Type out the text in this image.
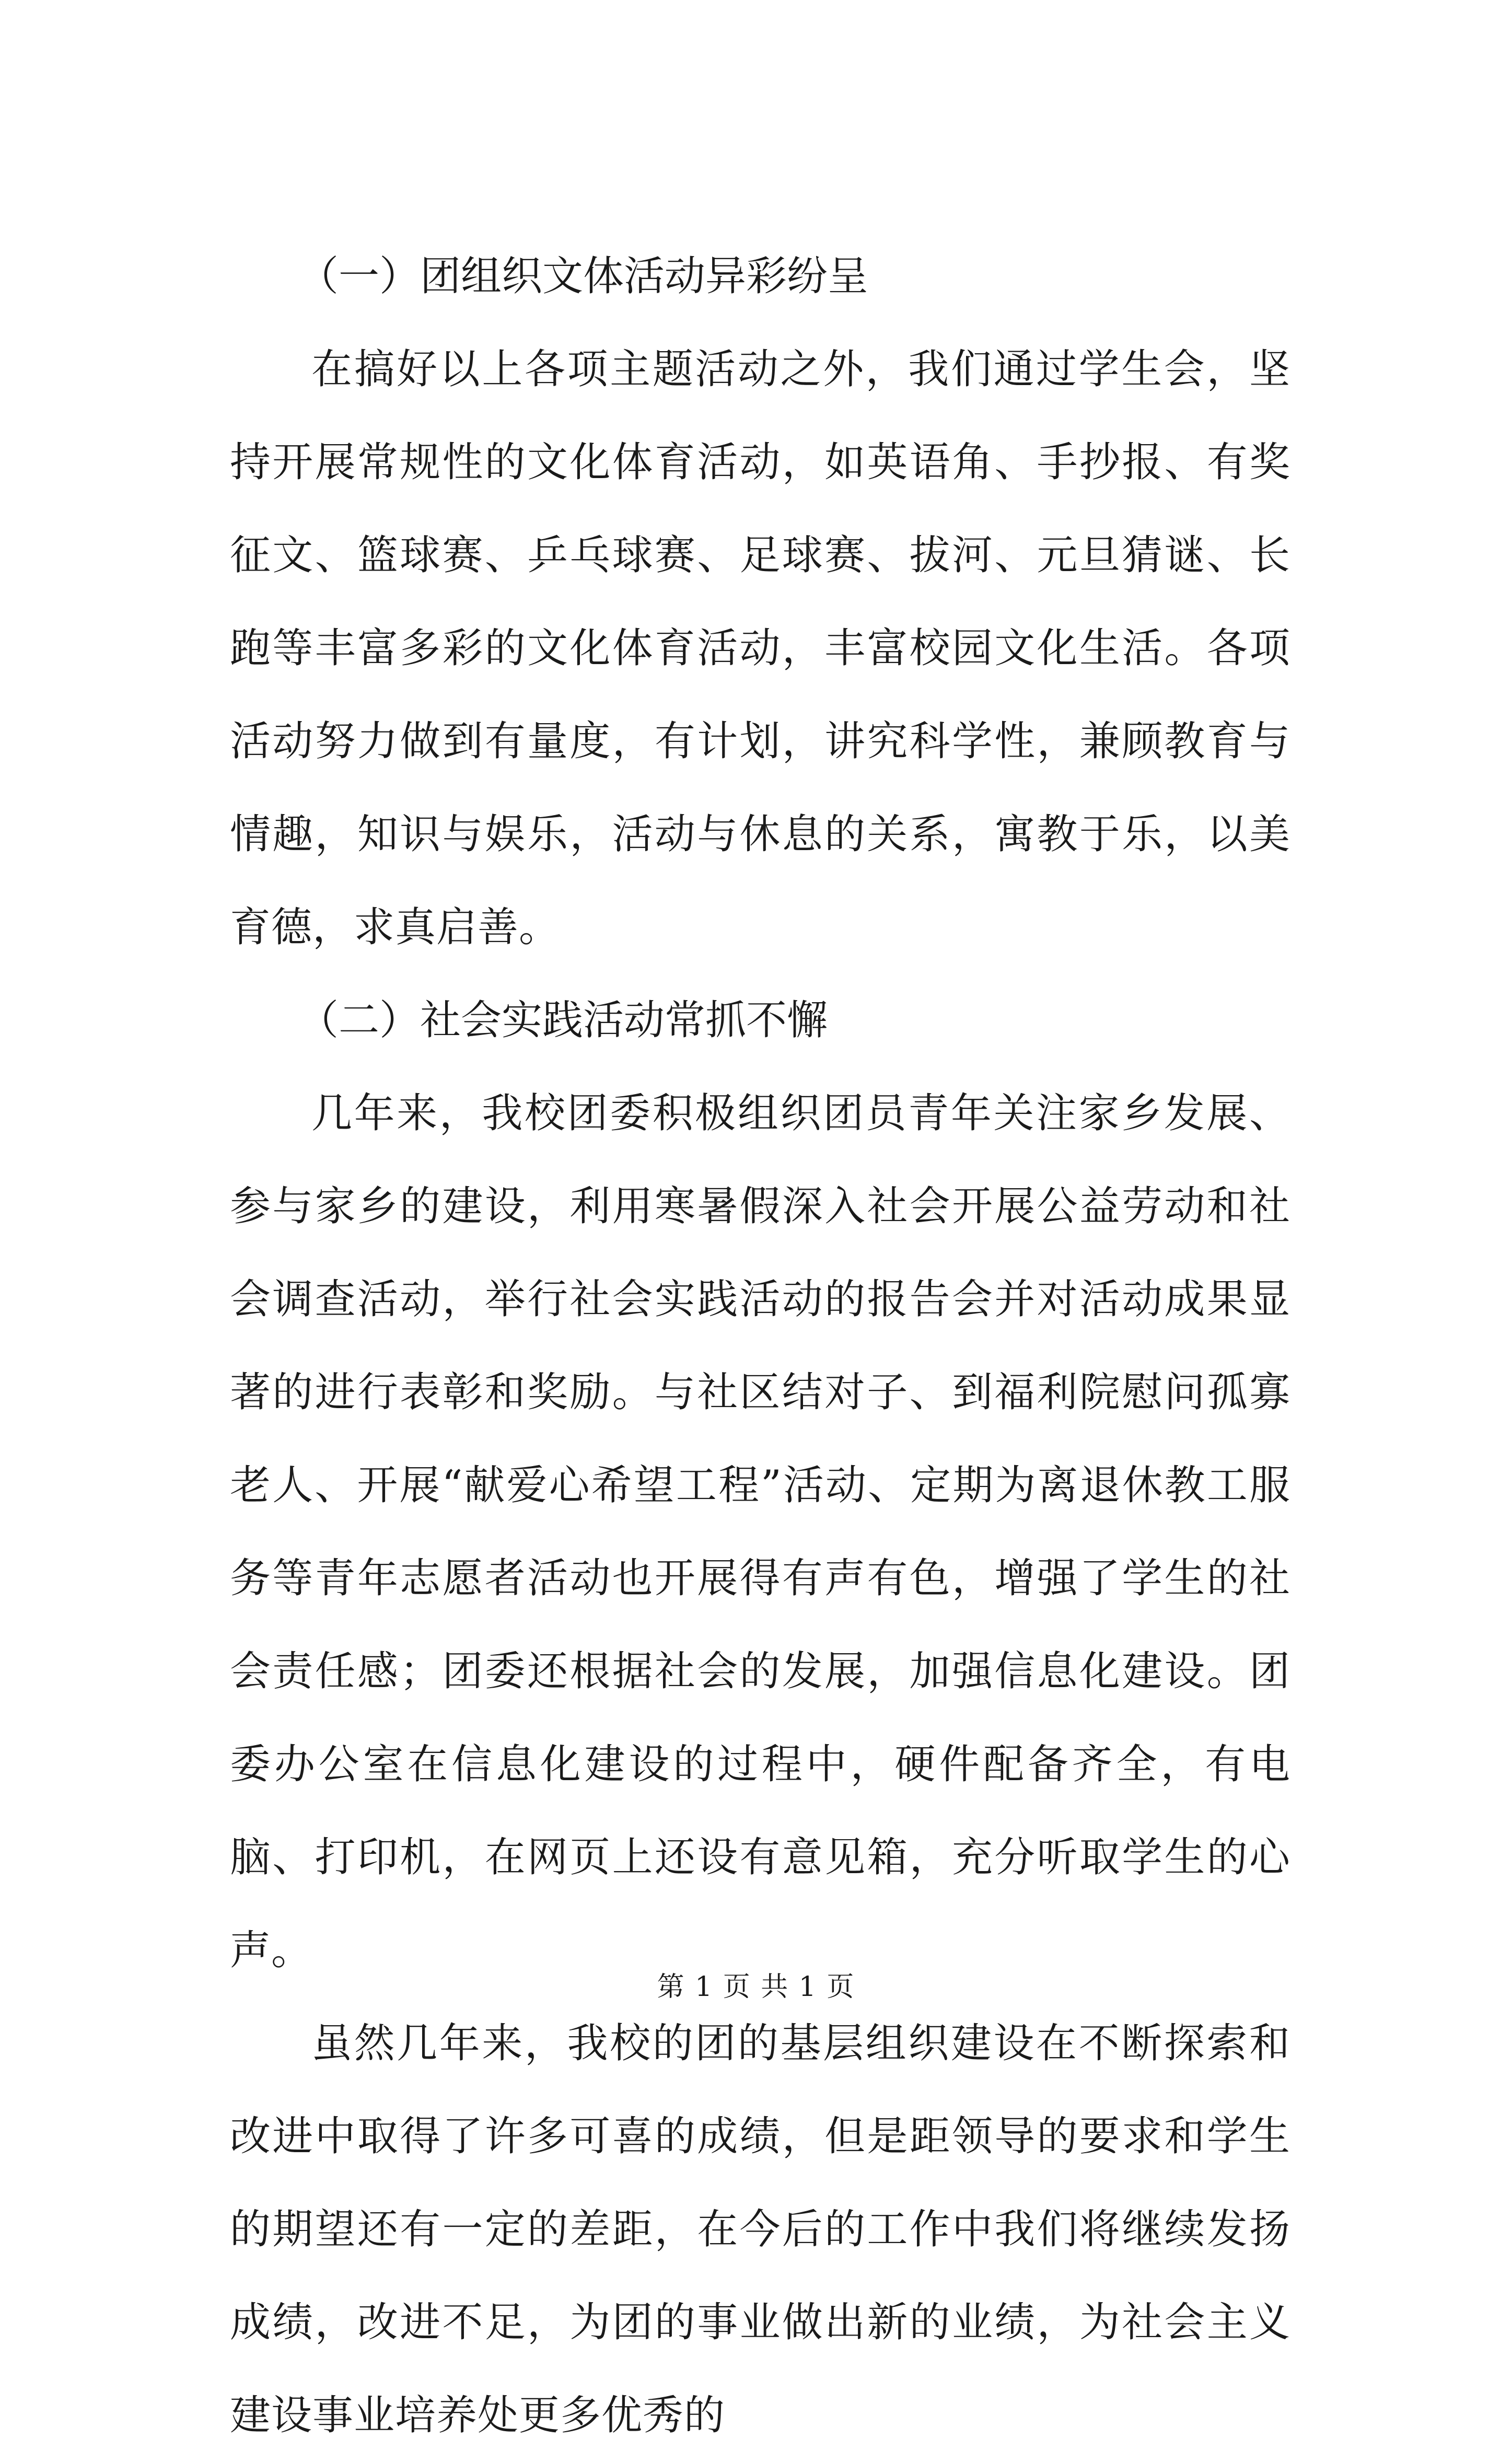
（一）团组织文体活动异彩纷呈

在搞好以上各项主题活动之外，我们通过学生会，坚持开展常规性的文化体育活动，如英语角、手抄报、有奖征文、篮球赛、乒乓球赛、足球赛、拔河、元旦猜谜、长跑等丰富多彩的文化体育活动，丰富校园文化生活。各项活动努力做到有量度，有计划，讲究科学性，兼顾教育与情趣，知识与娱乐，活动与休息的关系，寓教于乐，以美育德，求真启善。

（二）社会实践活动常抓不懈

几年来，我校团委积极组织团员青年关注家乡发展、参与家乡的建设，利用寒暑假深入社会开展公益劳动和社会调查活动，举行社会实践活动的报告会并对活动成果显著的进行表彰和奖励。与社区结对子、到福利院慰问孤寡老人、开展“献爱心希望工程”活动、定期为离退休教工服务等青年志愿者活动也开展得有声有色，增强了学生的社会责任感；团委还根据社会的发展，加强信息化建设。团委办公室在信息化建设的过程中，硬件配备齐全，有电脑、打印机，在网页上还设有意见箱，充分听取学生的心声。

虽然几年来，我校的团的基层组织建设在不断探索和改进中取得了许多可喜的成绩，但是距领导的要求和学生的期望还有一定的差距，在今后的工作中我们将继续发扬成绩，改进不足，为团的事业做出新的业绩，为社会主义建设事业培养处更多优秀的

第 1 页 共 1 页
